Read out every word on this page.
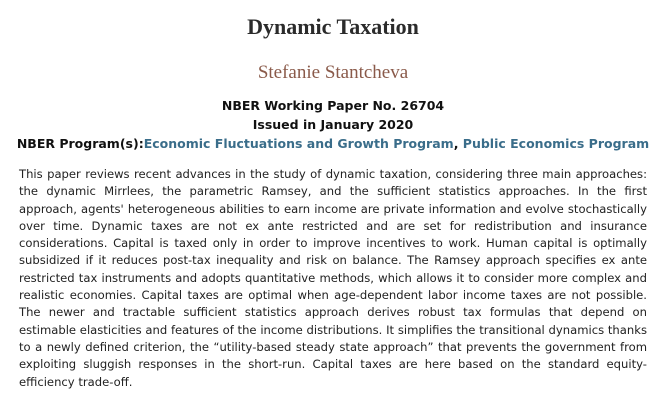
Dynamic Taxation
Stefanie Stantcheva
NBER Working Paper No. 26704
Issued in January 2020
NBER Program(s):Economic Fluctuations and Growth Program, Public Economics Program

This paper reviews recent advances in the study of dynamic taxation, considering three main approaches: the dynamic Mirrlees, the parametric Ramsey, and the sufficient statistics approaches. In the first approach, agents' heterogeneous abilities to earn income are private information and evolve stochastically over time. Dynamic taxes are not ex ante restricted and are set for redistribution and insurance considerations. Capital is taxed only in order to improve incentives to work. Human capital is optimally subsidized if it reduces post-tax inequality and risk on balance. The Ramsey approach specifies ex ante restricted tax instruments and adopts quantitative methods, which allows it to consider more complex and realistic economies. Capital taxes are optimal when age-dependent labor income taxes are not possible. The newer and tractable sufficient statistics approach derives robust tax formulas that depend on estimable elasticities and features of the income distributions. It simplifies the transitional dynamics thanks to a newly defined criterion, the “utility-based steady state approach” that prevents the government from exploiting sluggish responses in the short-run. Capital taxes are here based on the standard equity-efficiency trade-off.
